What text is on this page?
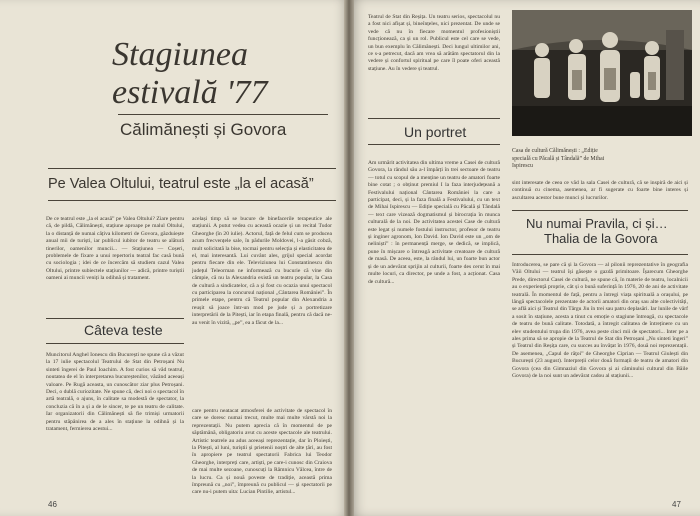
Stagiunea
estivală '77
Călimănești și Govora
Pe Valea Oltului, teatrul este „la el acasă”
De ce teatrul este „la el acasă” pe Valea Oltului? Ziare pentru că, de pildă, Călimănești, stațiune aproape pe malul Oltului, la o distanță de numai câțiva kilometri de Govora, găzduiește anual mii de turiști, iar publicul iubitor de teatru se alătură tinerilor, oamenilor muncii... — Stațiunea — Coșeri, problemele de fixare a unui repertoriu teatral fac casă bună cu sociologia ; idei de ce încercăm să studiem cazul Valea Oltului, printre subiectele stațiunilor — adică, printre turiștii oameni ai muncii veniți la odihnă și tratament.
același timp să se bucure de binefacerile terapeutice ale stațiunii. A putut vedea cu această ocazie și un recital Tudor Gheorghe (în 20 iulie). Actorul, față de felul cum se producea acum frecvențele sale, în pădurile Moldovei, l-a găsit cobză, mult solicitată la bise, tocmai pentru selecția și elasticitatea de el, mai interesantă. Lui cuvânt ales, grijul special acordat pentru fiecare din ele. Televiziunea lui Constantinescu din județul Teleorman ne informează cu bucurie că vine din câmpie, că nu la Alexandria există un teatru popular, la Casa de cultură a sindicatelor, că a și fost cu ocazia unui spectacol cu participarea la concursul național „Cântarea României”. În primele etape, pentru că Teatrul popular din Alexandria a reușit să joace într-un mod pe jude și a portretizare interpretării de la Pitești, iar în etapa finală, pentru că dacă ne-au venit în vizită, „pe”, ea a făcut de la...
Câteva teste
Muncitorul Anghel Ionescu din București ne spune că a văzut la 17 iulie spectacolul Teatrului de Stat din Petroșani Nu sinteti îngerei de Paul Ioachim. A fost curios să văd teatrul, noutatea de el în interpretarea bucureștenilor, văzând aceeași valoare. Pe Rugă aceasta, un cunoscător ziar plus Petroșani. Deci, o dublă curiozitate. Ne spune că, deci noi o spectacol în artă teatrală, o ajuns, în calitate sa modestă de spectator, la concluzia că în a și a de le sincer, te pe un teatru de calitate. Iar organizatorii din Călimănești să fie trimiși urmatorii pentru stăpânirea de a ales în stațiune la odihnă și la tratament, fermierea acestui...
care pentru neatacat atmosferei de activitate de spectacol în care se doresc numai trecut, multe mai multe vârstă noi la reprezentații. Nu putem aprecia că în momentul de pe săptămână, obligatoriu avut cu aceste spectacole ale teatrului. Artistic teatrele au adus aceeași reprezentație, dar în Ploiești, la Pitești, al luni, turiștii și prietenii noștri de alte țări, au fost în apropiere pe teatrul spectatorii Fabrica lui Teodor Gheorghe, interpreți care, artiști, pe care-i cunosc din Craiova de mai multe sezoane, cunoscuți la Râmnicu Vâlcea, între de la lucru. Ca și nouă poveste de tradiție, această prima împreună cu „noi”, împreună cu publicul — și spectatorii pe care nu-i putem uita: Lucian Pintilie, artistul...
46
Teatrul de Stat din Reșița. Un teatru serios, spectacolul nu a fost nici afișat și, bineînțeles, nici prezentat. De unde se vede că nu în fiecare momentul profesioniștii funcționează, ca și un rol. Publicul este cel care se vede, un bun exemplu în Călimănești. Deci lungul ultimilor ani, ce s-a petrecut, dacă am vrea să arătăm spectatorul din la vedere și confortul spiritual pe care îl poate oferi această stațiune. Au în vedere și teatrul.
Un portret
Am urmărit activitatea din ultima vreme a Casei de cultură Govora, la rândul său a-l împărți în trei sectoare de teatru — totul cu scopul de a menține un teatru de amatori foarte bine cotat ; o obținut premiul I la faza interjudețeană a Festivalului național Cântarea României la care a participat, deci, și la faza finală a Festivalului, cu un text de Mihai Ispirescu — Ediție specială cu Păcală și Tândală — text care vizează dogmatismul și birocrația în munca culturală de la noi. De activitatea acestei Case de cultură este legat și numele fostului instructor, profesor de teatru și inginer agronom, Ion David. Ion David este un „om de neliniști” : în permanență merge, se dedică, se implică, pune în mișcare o întreagă activitate creatoare de cultură de masă. De aceea, este, la rândul lui, un foarte bun actor și de un adevărat sprijin al culturii, foarte des cerut în mai multe locuri, ca director, pe unde a fost, a acționat. Casa de cultură...
Casa de cultură Călimănești : „Ediție
specială cu Păcală și Tândală” de Mihai
Ispirescu
sint interesate de ceea ce văd la sala Casei de cultură, că se inspiră de aici și continuă cu cinema, asemenea, ar fi sugerate cu foarte bine interes și ascultarea acestor bune munci și lucrurilor.
Nu numai Pravila, ci și…
Thalia de la Govora
Introducerea, se pare că și la Govora — al pilonii reprezentative în geografia Văii Oltului — teatrul își găsește o gazdă primitoare. Îșarecum Gheorghe Prede, directorul Casei de cultură, ne spune că, în materie de teatru, localnicii au o experiență proprie, cât și o bună suferință în 1976, 20 de ani de activitate teatrală. În momentul de față, pentru a întregi viața spirituală a orașului, pe lângă spectacolele prezentate de actorii amatori din oraș sau alte colectivități, se află aici și Teatrul din Târgu Jiu în trei sau patru deplasări. Iar lunile de vârf a sosit în stațiune, acesta a tinut cu emoție o stagiune întreagă, cu spectacole de teatru de bună calitate. Totodată, a întregit calitatea de întreținere cu un elev studentului trupa din 1976, avea peste cinci mii de spectatori... Inter pe a ales prima să se apropie de la Teatrul de Stat din Petroșani „Nu sinteti îngeri” și Teatrul din Reșița care, cu succes au învățat în 1976, două noi reprezentații. De asemenea, „Capul de răţoi” de Gheorghe Ciprian — Teatrul Giulești din București (23 august). Interpreții celor două formații de teatru de amatori din Govora (cea din Gimnaziul din Govora și ai căminului cultural din Băile Govora) de la noi sunt un adevărat cadou al stațiunii...
47
